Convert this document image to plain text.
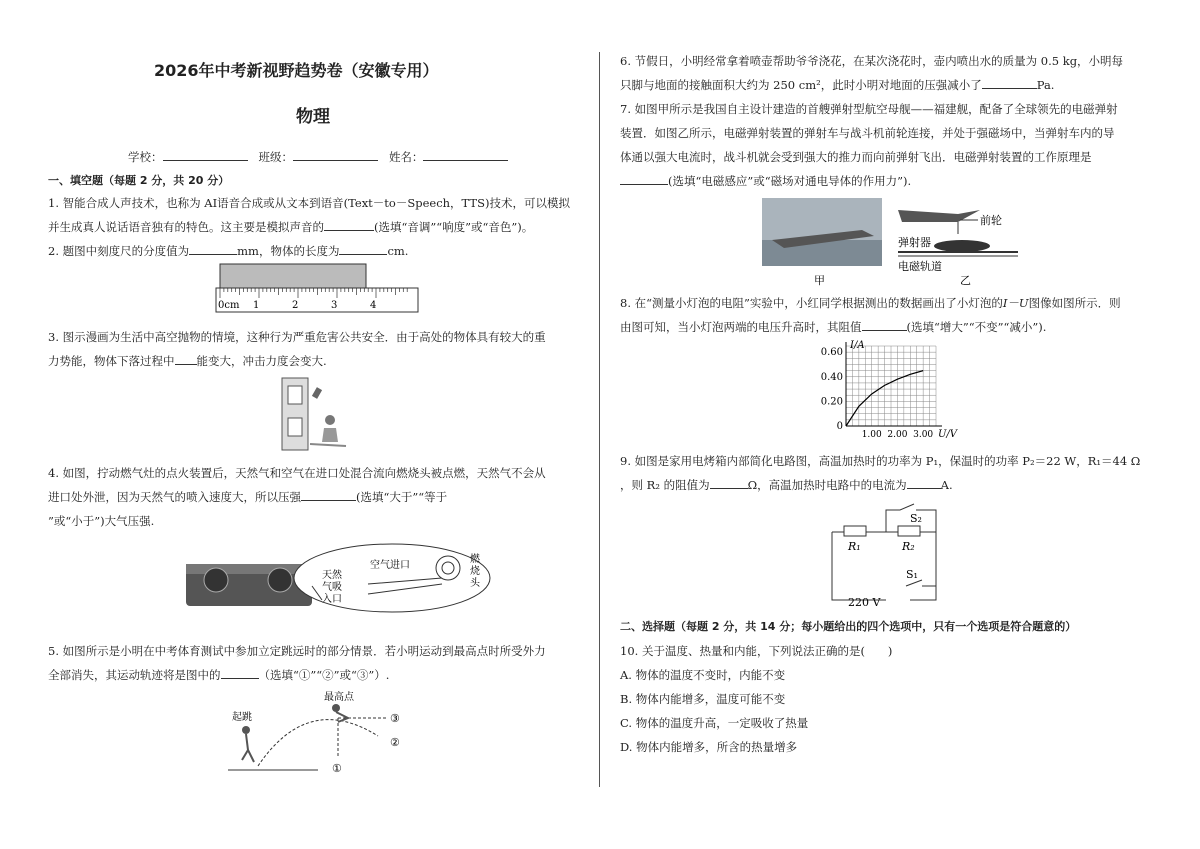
2026年中考新视野趋势卷（安徽专用）
物理
学校：	班级：	姓名：
一、填空题（每题 2 分，共 20 分）
1. 智能合成人声技术，也称为 AI语音合成或从文本到语音(Text－to－Speech，TTS)技术，可以模拟
并生成真人说话语音独有的特色。这主要是模拟声音的	(选填“音调”“响度”或“音色”)。
2. 题图中刻度尺的分度值为	mm，物体的长度为	cm.
0cm 1	2	3	4
3. 图示漫画为生活中高空抛物的情境，这种行为严重危害公共安全．由于高处的物体具有较大的重
力势能，物体下落过程中 能变大，冲击力度会变大.
4. 如图，拧动燃气灶的点火装置后，天然气和空气在进口处混合流向燃烧头被点燃，天然气不会从
进口处外泄，因为天然气的喷入速度大，所以压强	(选填“大于”“等于
”或“小于”)大气压强.
空气进口
天然
气吸
入口
燃
烧
头
5. 如图所示是小明在中考体育测试中参加立定跳远时的部分情景．若小明运动到最高点时所受外力
全部消失，其运动轨迹将是图中的	（选填“①”“②”或“③”）.
起跳
最高点
①
②
③
6. 节假日，小明经常拿着喷壶帮助爷爷浇花，在某次浇花时，壶内喷出水的质量为 0.5 kg，小明每
只脚与地面的接触面积大约为 250 cm²，此时小明对地面的压强减小了	Pa.
7. 如图甲所示是我国自主设计建造的首艘弹射型航空母舰——福建舰，配备了全球领先的电磁弹射
装置．如图乙所示，电磁弹射装置的弹射车与战斗机前轮连接，并处于强磁场中，当弹射车内的导
体通以强大电流时，战斗机就会受到强大的推力而向前弹射飞出．电磁弹射装置的工作原理是
(选填“电磁感应”或“磁场对通电导体的作用力”).
甲
前轮
弹射器
电磁轨道
乙
8. 在“测量小灯泡的电阻”实验中，小红同学根据测出的数据画出了小灯泡的I－U图像如图所示．则
由图可知，当小灯泡两端的电压升高时，其阻值	(选填“增大”“不变”“减小”).
0
0.20
0.40
0.60
1.00 2.00 3.00
I/A
U/V
9. 如图是家用电烤箱内部简化电路图，高温加热时的功率为 P₁，保温时的功率 P₂＝22 W，R₁＝44 Ω
，则 R₂ 的阻值为	Ω，高温加热时电路中的电流为	A.
S₂
R₁	R₂
S₁
220 V
二、选择题（每题 2 分，共 14 分；每小题给出的四个选项中，只有一个选项是符合题意的）
10. 关于温度、热量和内能，下列说法正确的是(　　)
A. 物体的温度不变时，内能不变
B. 物体内能增多，温度可能不变
C. 物体的温度升高，一定吸收了热量
D. 物体内能增多，所含的热量增多
